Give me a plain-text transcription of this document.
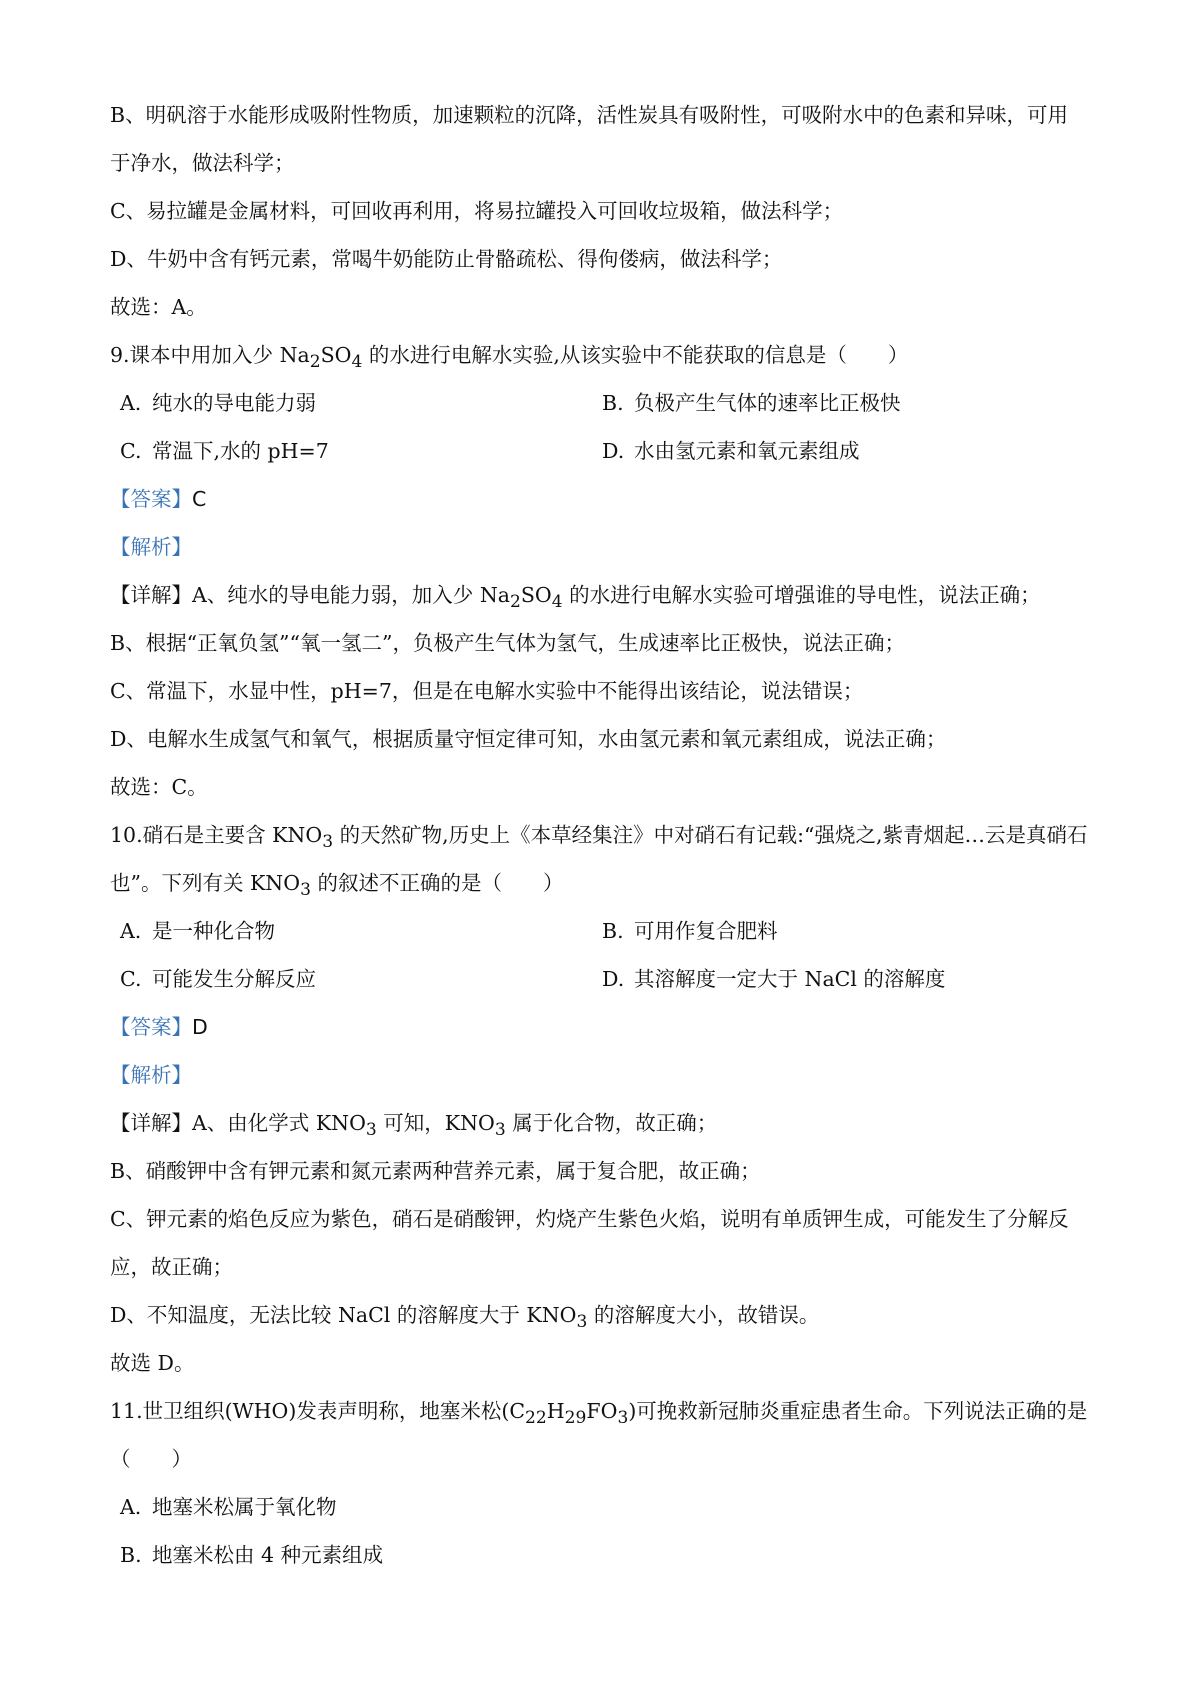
B、明矾溶于水能形成吸附性物质，加速颗粒的沉降，活性炭具有吸附性，可吸附水中的色素和异味，可用
于净水，做法科学；
C、易拉罐是金属材料，可回收再利用，将易拉罐投入可回收垃圾箱，做法科学；
D、牛奶中含有钙元素，常喝牛奶能防止骨骼疏松、得佝偻病，做法科学；
故选：A。
9.课本中用加入少 $Na_2SO_4$ 的水进行电解水实验,从该实验中不能获取的信息是（　　）
A. 纯水的导电能力弱	B. 负极产生气体的速率比正极快
C. 常温下,水的 pH=7	D. 水由氢元素和氧元素组成
【答案】C
【解析】
【详解】A、纯水的导电能力弱，加入少 $Na_2SO_4$ 的水进行电解水实验可增强谁的导电性，说法正确；
B、根据“正氧负氢”“氧一氢二”，负极产生气体为氢气，生成速率比正极快，说法正确；
C、常温下，水显中性，pH=7，但是在电解水实验中不能得出该结论，说法错误；
D、电解水生成氢气和氧气，根据质量守恒定律可知，水由氢元素和氧元素组成，说法正确；
故选：C。
10.硝石是主要含 $KNO_3$ 的天然矿物,历史上《本草经集注》中对硝石有记载:“强烧之,紫青烟起…云是真硝石
也”。下列有关 $KNO_3$ 的叙述不正确的是（　　）
A. 是一种化合物	B. 可用作复合肥料
C. 可能发生分解反应	D. 其溶解度一定大于 NaCl 的溶解度
【答案】D
【解析】
【详解】A、由化学式 $KNO_3$ 可知，$KNO_3$ 属于化合物，故正确；
B、硝酸钾中含有钾元素和氮元素两种营养元素，属于复合肥，故正确；
C、钾元素的焰色反应为紫色，硝石是硝酸钾，灼烧产生紫色火焰，说明有单质钾生成，可能发生了分解反
应，故正确；
D、不知温度，无法比较 NaCl 的溶解度大于 $KNO_3$ 的溶解度大小，故错误。
故选 D。
11.世卫组织(WHO)发表声明称，地塞米松$(C_{22}H_{29}FO_3)$可挽救新冠肺炎重症患者生命。下列说法正确的是
（　　）
A. 地塞米松属于氧化物
B. 地塞米松由 4 种元素组成
